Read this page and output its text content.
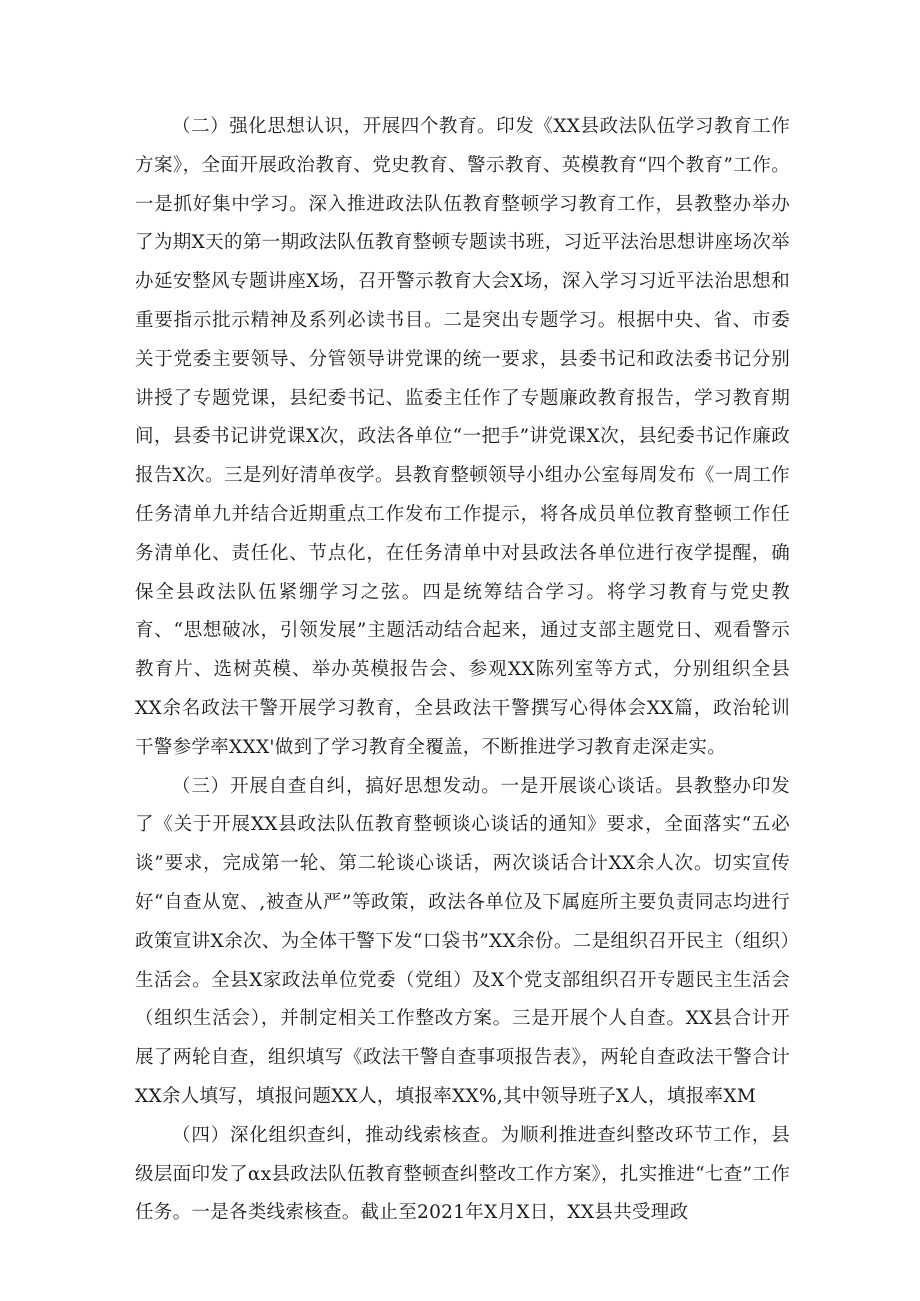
（二）强化思想认识，开展四个教育。印发《XX县政法队伍学习教育工作方案》，全面开展政治教育、党史教育、警示教育、英模教育“四个教育”工作。一是抓好集中学习。深入推进政法队伍教育整顿学习教育工作，县教整办举办了为期X天的第一期政法队伍教育整顿专题读书班，习近平法治思想讲座场次举办延安整风专题讲座X场，召开警示教育大会X场，深入学习习近平法治思想和重要指示批示精神及系列必读书目。二是突出专题学习。根据中央、省、市委关于党委主要领导、分管领导讲党课的统一要求，县委书记和政法委书记分别讲授了专题党课，县纪委书记、监委主任作了专题廉政教育报告，学习教育期间，县委书记讲党课X次，政法各单位“一把手”讲党课X次，县纪委书记作廉政报告X次。三是列好清单夜学。县教育整顿领导小组办公室每周发布《一周工作任务清单九并结合近期重点工作发布工作提示，将各成员单位教育整顿工作任务清单化、责任化、节点化，在任务清单中对县政法各单位进行夜学提醒，确保全县政法队伍紧绷学习之弦。四是统筹结合学习。将学习教育与党史教育、“思想破冰，引领发展”主题活动结合起来，通过支部主题党日、观看警示教育片、选树英模、举办英模报告会、参观XX陈列室等方式，分别组织全县XX余名政法干警开展学习教育，全县政法干警撰写心得体会XX篇，政治轮训干警参学率XXX'做到了学习教育全覆盖，不断推进学习教育走深走实。

（三）开展自查自纠，搞好思想发动。一是开展谈心谈话。县教整办印发了《关于开展XX县政法队伍教育整顿谈心谈话的通知》要求，全面落实“五必谈”要求，完成第一轮、第二轮谈心谈话，两次谈话合计XX余人次。切实宣传好“自查从宽、,被查从严”等政策，政法各单位及下属庭所主要负责同志均进行政策宣讲X余次、为全体干警下发“口袋书”XX余份。二是组织召开民主（组织）生活会。全县X家政法单位党委（党组）及X个党支部组织召开专题民主生活会（组织生活会），并制定相关工作整改方案。三是开展个人自查。XX县合计开展了两轮自查，组织填写《政法干警自查事项报告表》，两轮自查政法干警合计XX余人填写，填报问题XX人，填报率XX%,其中领导班子X人，填报率XM

（四）深化组织查纠，推动线索核查。为顺利推进查纠整改环节工作，县级层面印发了αx县政法队伍教育整顿查纠整改工作方案》，扎实推进“七查”工作任务。一是各类线索核查。截止至2021年X月X日，XX县共受理政
